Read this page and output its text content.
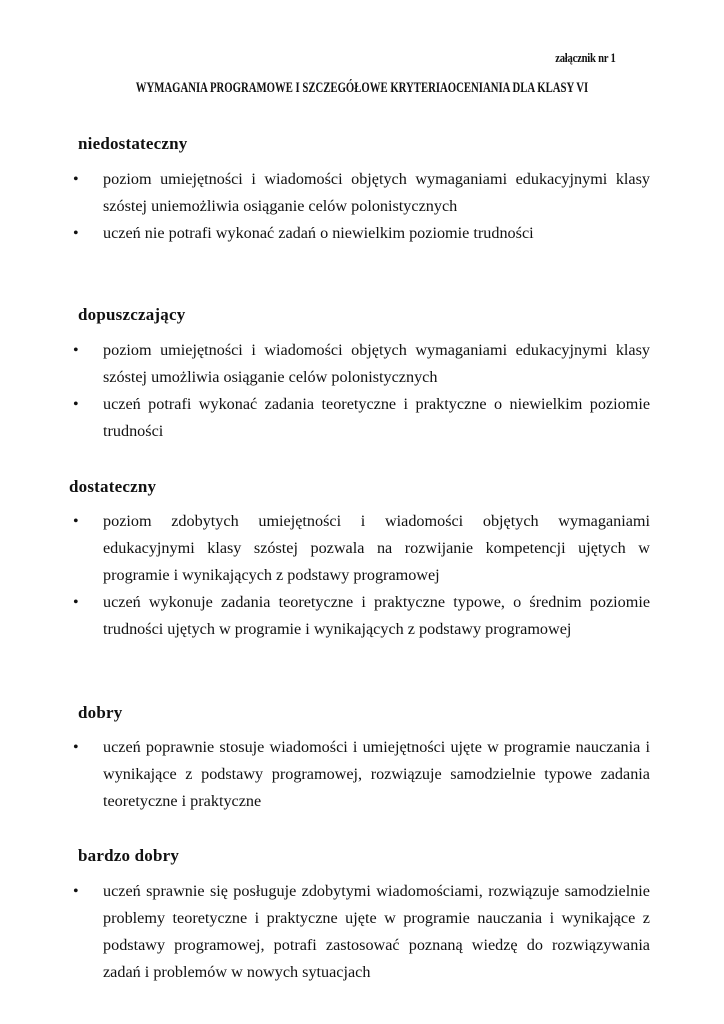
załącznik nr 1
WYMAGANIA PROGRAMOWE I SZCZEGÓŁOWE KRYTERIAOCENIANIA DLA KLASY VI
niedostateczny
• poziom umiejętności i wiadomości objętych wymaganiami edukacyjnymi klasy szóstej uniemożliwia osiąganie celów polonistycznych
• uczeń nie potrafi wykonać zadań o niewielkim poziomie trudności
dopuszczający
• poziom umiejętności i wiadomości objętych wymaganiami edukacyjnymi klasy szóstej umożliwia osiąganie celów polonistycznych
• uczeń potrafi wykonać zadania teoretyczne i praktyczne o niewielkim poziomie trudności
dostateczny
• poziom zdobytych umiejętności i wiadomości objętych wymaganiami edukacyjnymi klasy szóstej pozwala na rozwijanie kompetencji ujętych w programie i wynikających z podstawy programowej
• uczeń wykonuje zadania teoretyczne i praktyczne typowe, o średnim poziomie trudności ujętych w programie i wynikających z podstawy programowej
dobry
• uczeń poprawnie stosuje wiadomości i umiejętności ujęte w programie nauczania i wynikające z podstawy programowej, rozwiązuje samodzielnie typowe zadania teoretyczne i praktyczne
bardzo dobry
• uczeń sprawnie się posługuje zdobytymi wiadomościami, rozwiązuje samodzielnie problemy teoretyczne i praktyczne ujęte w programie nauczania i wynikające z podstawy programowej, potrafi zastosować poznaną wiedzę do rozwiązywania zadań i problemów w nowych sytuacjach
